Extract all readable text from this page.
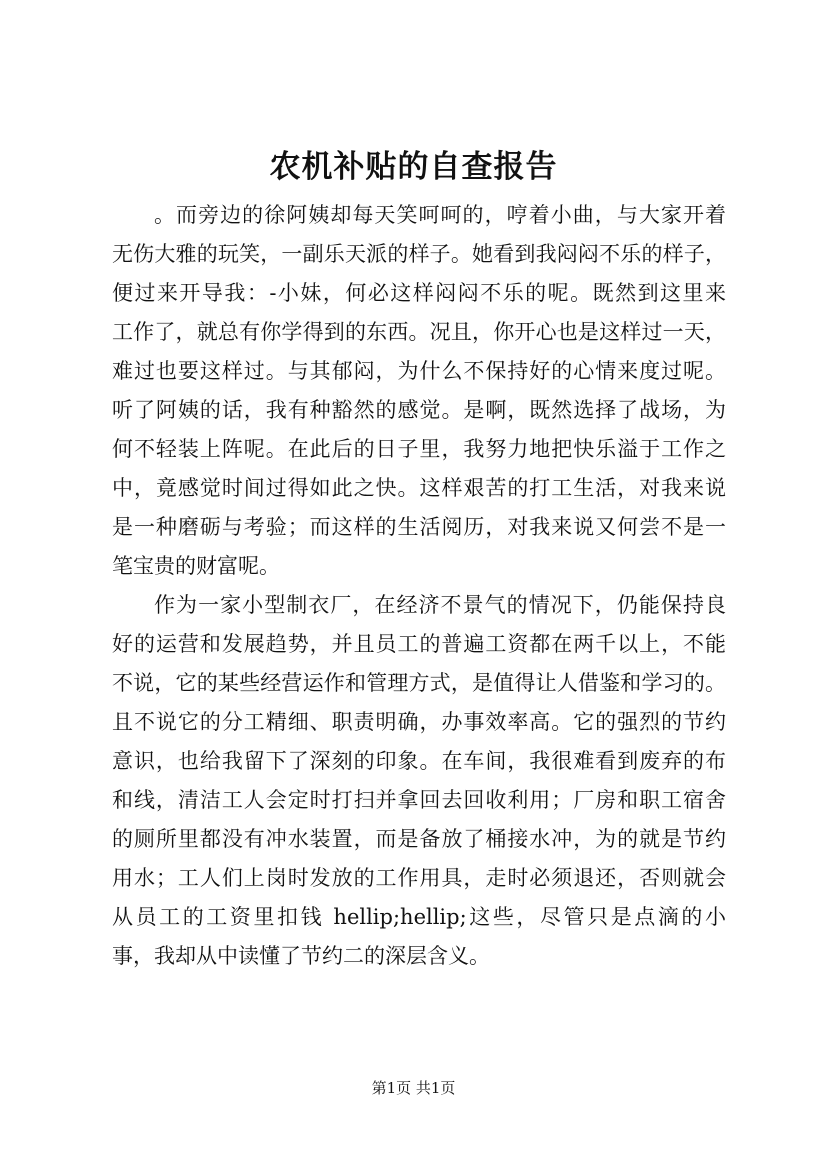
农机补贴的自查报告
。而旁边的徐阿姨却每天笑呵呵的，哼着小曲，与大家开着
无伤大雅的玩笑，一副乐天派的样子。她看到我闷闷不乐的样子，
便过来开导我：-小妹，何必这样闷闷不乐的呢。既然到这里来
工作了，就总有你学得到的东西。况且，你开心也是这样过一天，
难过也要这样过。与其郁闷，为什么不保持好的心情来度过呢。
听了阿姨的话，我有种豁然的感觉。是啊，既然选择了战场，为
何不轻装上阵呢。在此后的日子里，我努力地把快乐溢于工作之
中，竟感觉时间过得如此之快。这样艰苦的打工生活，对我来说
是一种磨砺与考验；而这样的生活阅历，对我来说又何尝不是一
笔宝贵的财富呢。
作为一家小型制衣厂，在经济不景气的情况下，仍能保持良
好的运营和发展趋势，并且员工的普遍工资都在两千以上，不能
不说，它的某些经营运作和管理方式，是值得让人借鉴和学习的。
且不说它的分工精细、职责明确，办事效率高。它的强烈的节约
意识，也给我留下了深刻的印象。在车间，我很难看到废弃的布
和线，清洁工人会定时打扫并拿回去回收利用；厂房和职工宿舍
的厕所里都没有冲水装置，而是备放了桶接水冲，为的就是节约
用水；工人们上岗时发放的工作用具，走时必须退还，否则就会
从员工的工资里扣钱 hellip;hellip;这些，尽管只是点滴的小
事，我却从中读懂了节约二的深层含义。
第1页 共1页
